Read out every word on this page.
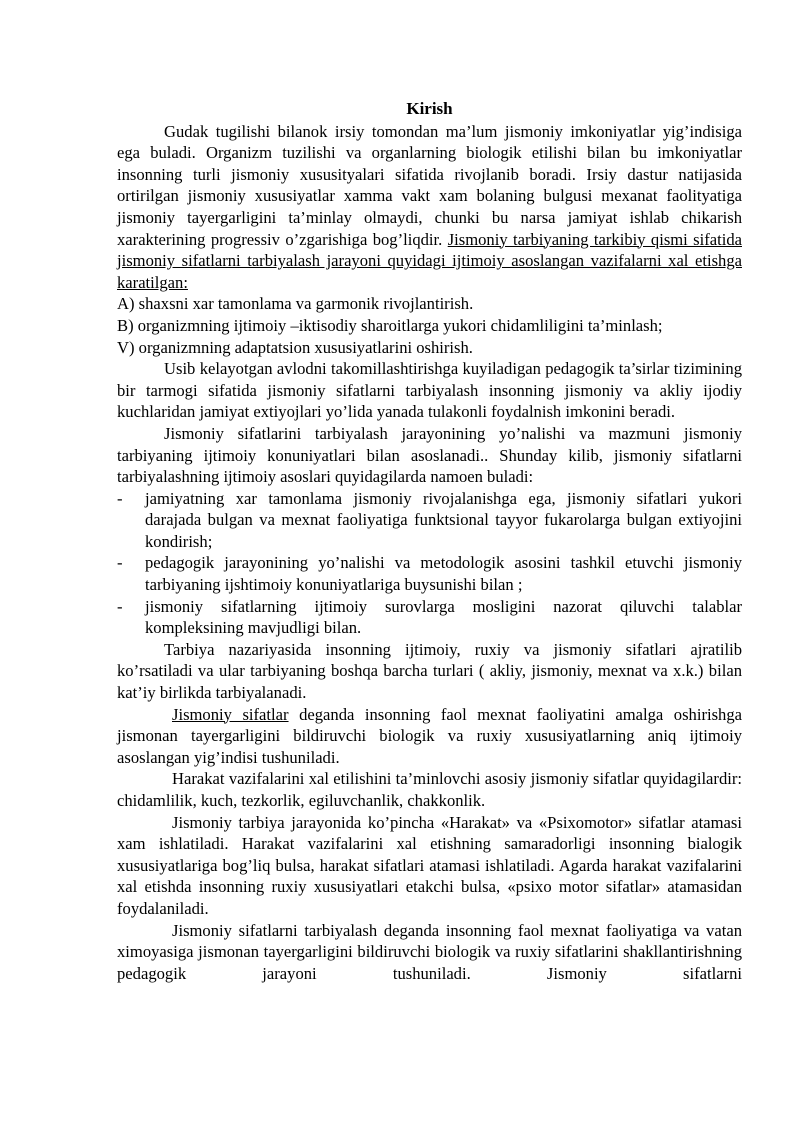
Kirish

Gudak tugilishi bilanok irsiy tomondan ma’lum jismoniy imkoniyatlar yig’indisiga ega buladi. Organizm tuzilishi va organlarning biologik etilishi bilan bu imkoniyatlar insonning turli jismoniy xususityalari sifatida rivojlanib boradi. Irsiy dastur natijasida ortirilgan jismoniy xususiyatlar xamma vakt xam bolaning bulgusi mexanat faolityatiga jismoniy tayergarligini ta’minlay olmaydi, chunki bu narsa jamiyat ishlab chikarish xarakterining progressiv o’zgarishiga bog’liqdir. Jismoniy tarbiyaning tarkibiy qismi sifatida jismoniy sifatlarni tarbiyalash jarayoni quyidagi ijtimoiy asoslangan vazifalarni xal etishga karatilgan:

A) shaxsni xar tamonlama va garmonik rivojlantirish.

B) organizmning ijtimoiy –iktisodiy sharoitlarga yukori chidamliligini ta’minlash;

V) organizmning adaptatsion xususiyatlarini oshirish.

Usib kelayotgan avlodni takomillashtirishga kuyiladigan pedagogik ta’sirlar tizimining bir tarmogi sifatida jismoniy sifatlarni tarbiyalash insonning jismoniy va akliy ijodiy kuchlaridan jamiyat extiyojlari yo’lida yanada tulakonli foydalnish imkonini beradi.

Jismoniy sifatlarini tarbiyalash jarayonining yo’nalishi va mazmuni jismoniy tarbiyaning ijtimoiy konuniyatlari bilan asoslanadi.. Shunday kilib, jismoniy sifatlarni tarbiyalashning ijtimoiy asoslari quyidagilarda namoen buladi:

- jamiyatning xar tamonlama jismoniy rivojalanishga ega, jismoniy sifatlari yukori darajada bulgan va mexnat faoliyatiga funktsional tayyor fukarolarga bulgan extiyojini kondirish;
- pedagogik jarayonining yo’nalishi va metodologik asosini tashkil etuvchi jismoniy tarbiyaning ijshtimoiy konuniyatlariga buysunishi bilan ;
- jismoniy sifatlarning ijtimoiy surovlarga mosligini nazorat qiluvchi talablar kompleksining mavjudligi bilan.

Tarbiya nazariyasida insonning ijtimoiy, ruxiy va jismoniy sifatlari ajratilib ko’rsatiladi va ular tarbiyaning boshqa barcha turlari ( akliy, jismoniy, mexnat va x.k.) bilan kat’iy birlikda tarbiyalanadi.

Jismoniy sifatlar deganda insonning faol mexnat faoliyatini amalga oshirishga jismonan tayergarligini bildiruvchi biologik va ruxiy xususiyatlarning aniq ijtimoiy asoslangan yig’indisi tushuniladi.

Harakat vazifalarini xal etilishini ta’minlovchi asosiy jismoniy sifatlar quyidagilardir: chidamlilik, kuch, tezkorlik, egiluvchanlik, chakkonlik.

Jismoniy tarbiya jarayonida ko’pincha «Harakat» va «Psixomotor» sifatlar atamasi xam ishlatiladi. Harakat vazifalarini xal etishning samaradorligi insonning bialogik xususiyatlariga bog’liq bulsa, harakat sifatlari atamasi ishlatiladi. Agarda harakat vazifalarini xal etishda insonning ruxiy xususiyatlari etakchi bulsa, «psixo motor sifatlar» atamasidan foydalaniladi.

Jismoniy sifatlarni tarbiyalash deganda insonning faol mexnat faoliyatiga va vatan ximoyasiga jismonan tayergarligini bildiruvchi biologik va ruxiy sifatlarini shakllantirishning pedagogik jarayoni tushuniladi. Jismoniy sifatlarni
